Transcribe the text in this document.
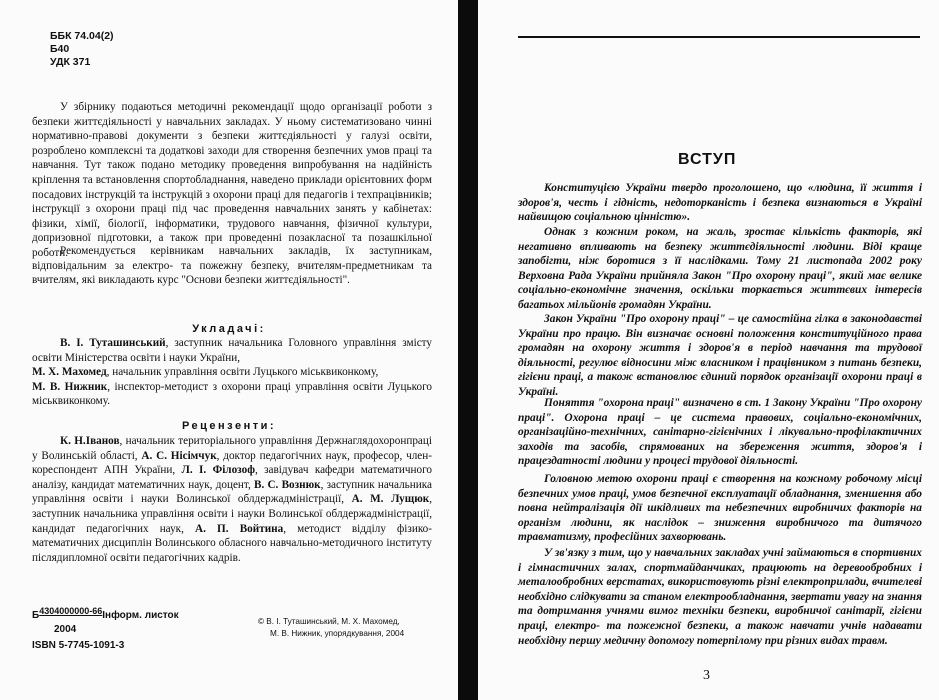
ББК 74.04(2)
Б40
УДК 371

У збірнику подаються методичні рекомендації щодо організації роботи з безпеки життєдіяльності у навчальних закладах. У ньому систематизовано чинні нормативно-правові документи з безпеки життєдіяльності у галузі освіти, розроблено комплексні та додаткові заходи для створення безпечних умов праці та навчання. Тут також подано методику проведення випробування на надійність кріплення та встановлення спортобладнання, наведено приклади орієнтовних форм посадових інструкцій та інструкцій з охорони праці для педагогів і техпрацівників; інструкції з охорони праці під час проведення навчальних занять у кабінетах: фізики, хімії, біології, інформатики, трудового навчання, фізичної культури, допризовної підготовки, а також при проведенні позакласної та позашкільної роботи.

Рекомендується керівникам навчальних закладів, їх заступникам, відповідальним за електро- та пожежну безпеку, вчителям-предметникам та вчителям, які викладають курс "Основи безпеки життєдіяльності".

Укладачі:

В. І. Туташинський, заступник начальника Головного управління змісту освіти Міністерства освіти і науки України,
М. Х. Махомед, начальник управління освіти Луцького міськвиконкому,
М. В. Нижник, інспектор-методист з охорони праці управління освіти Луцького міськвиконкому.

Рецензенти:

К. Н.Іванов, начальник територіального управління Держнаглядохоронпраці у Волинській області, А. С. Нісімчук, доктор педагогічних наук, професор, член-кореспондент АПН України, Л. І. Філозоф, завідувач кафедри математичного аналізу, кандидат математичних наук, доцент, В. С. Вознюк, заступник начальника управління освіти і науки Волинської облдержадміністрації, А. М. Лущюк, заступник начальника управління освіти і науки Волинської облдержадміністрації, кандидат педагогічних наук, А. П. Войтина, методист відділу фізико-математичних дисциплін Волинського обласного навчально-методичного інституту післядипломної освіти педагогічних кадрів.

Б4304000000-66Інформ. листок
2004
ISBN 5-7745-1091-3
© В. І. Туташинський, М. Х. Махомед,
М. В. Нижник, упорядкування, 2004
ВСТУП

Конституцією України твердо проголошено, що «людина, її життя і здоров'я, честь і гідність, недоторканість і безпека визнаються в Україні найвищою соціальною цінністю».

Однак з кожним роком, на жаль, зростає кількість факторів, які негативно впливають на безпеку життєдіяльності людини. Віді краще запобігти, ніж боротися з її наслідками. Тому 21 листопада 2002 року Верховна Рада України прийняла Закон "Про охорону праці", який має велике соціально-економічне значення, оскільки торкається життєвих інтересів багатьох мільйонів громадян України.

Закон України "Про охорону праці" – це самостійна гілка в законодавстві України про працю. Він визначає основні положення конституційного права громадян на охорону життя і здоров'я в період навчання та трудової діяльності, регулює відносини між власником і працівником з питань безпеки, гігієни праці, а також встановлює єдиний порядок організації охорони праці в Україні.

Поняття "охорона праці" визначено в ст. 1 Закону України "Про охорону праці". Охорона праці – це система правових, соціально-економічних, організаційно-технічних, санітарно-гігієнічних і лікувально-профілактичних заходів та засобів, спрямованих на збереження життя, здоров'я і працездатності людини у процесі трудової діяльності.

Головною метою охорони праці є створення на кожному робочому місці безпечних умов праці, умов безпечної експлуатації обладнання, зменшення або повна нейтралізація дії шкідливих та небезпечних виробничих факторів на організм людини, як наслідок – зниження виробничого та дитячого травматизму, професійних захворювань.

У зв'язку з тим, що у навчальних закладах учні займаються в спортивних і гімнастичних залах, спортмайданчиках, працюють на деревообробних і металообробних верстатах, використовують різні електроприлади, вчителеві необхідно слідкувати за станом електрообладнання, звертати увагу на знання та дотримання учнями вимог техніки безпеки, виробничої санітарії, гігієни праці, електро- та пожежної безпеки, а також навчати учнів надавати необхідну першу медичну допомогу потерпілому при різних видах травм.

3
